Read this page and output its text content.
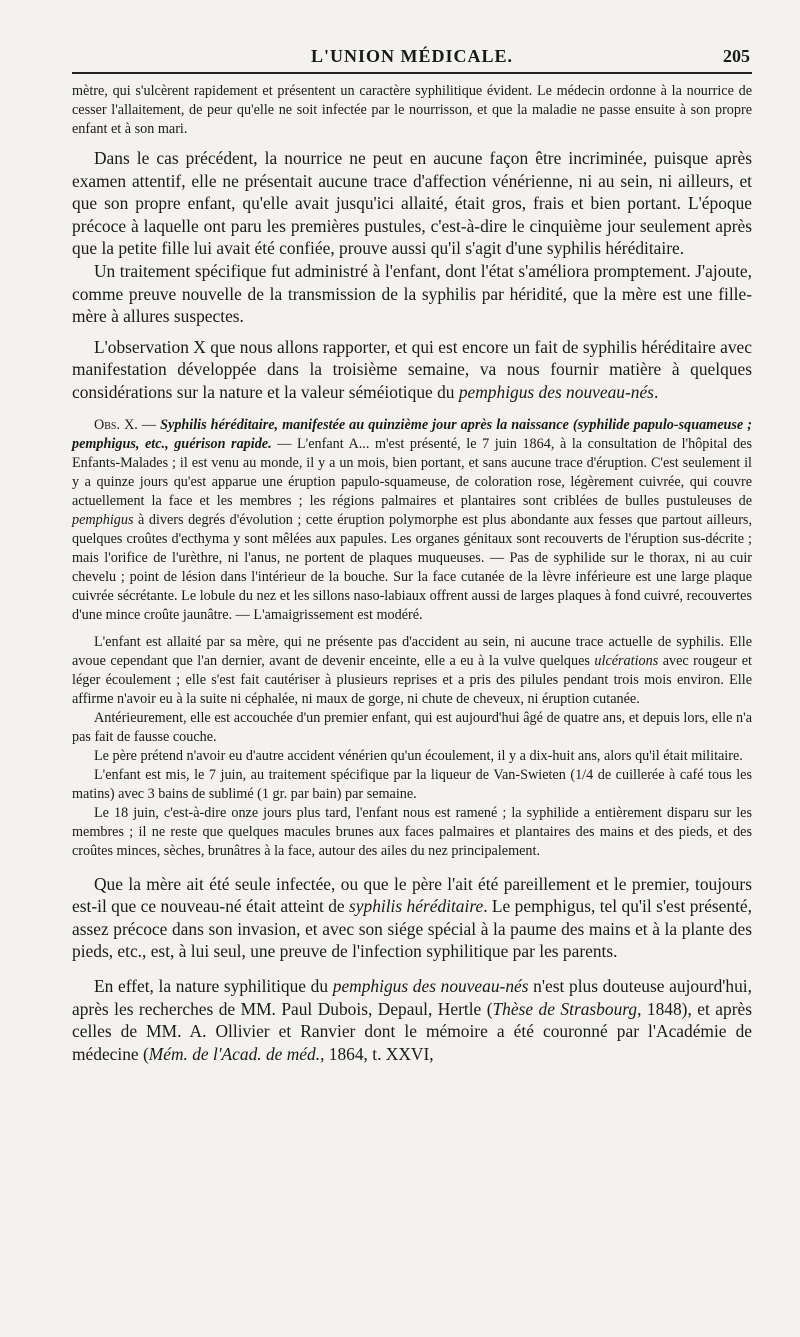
L'UNION MÉDICALE.	205

mètre, qui s'ulcèrent rapidement et présentent un caractère syphilitique évident. Le médecin ordonne à la nourrice de cesser l'allaitement, de peur qu'elle ne soit infectée par le nourrisson, et que la maladie ne passe ensuite à son propre enfant et à son mari.

Dans le cas précédent, la nourrice ne peut en aucune façon être incriminée, puisque après examen attentif, elle ne présentait aucune trace d'affection vénérienne, ni au sein, ni ailleurs, et que son propre enfant, qu'elle avait jusqu'ici allaité, était gros, frais et bien portant. L'époque précoce à laquelle ont paru les premières pustules, c'est-à-dire le cinquième jour seulement après que la petite fille lui avait été confiée, prouve aussi qu'il s'agit d'une syphilis héréditaire.

Un traitement spécifique fut administré à l'enfant, dont l'état s'améliora promptement. J'ajoute, comme preuve nouvelle de la transmission de la syphilis par héridité, que la mère est une fille-mère à allures suspectes.

L'observation X que nous allons rapporter, et qui est encore un fait de syphilis héréditaire avec manifestation développée dans la troisième semaine, va nous fournir matière à quelques considérations sur la nature et la valeur séméiotique du pemphigus des nouveau-nés.

Obs. X. — Syphilis héréditaire, manifestée au quinzième jour après la naissance (syphilide papulo-squameuse ; pemphigus, etc., guérison rapide. — L'enfant A... m'est présenté, le 7 juin 1864, à la consultation de l'hôpital des Enfants-Malades ; il est venu au monde, il y a un mois, bien portant, et sans aucune trace d'éruption. C'est seulement il y a quinze jours qu'est apparue une éruption papulo-squameuse, de coloration rose, légèrement cuivrée, qui couvre actuellement la face et les membres ; les régions palmaires et plantaires sont criblées de bulles pustuleuses de pemphigus à divers degrés d'évolution ; cette éruption polymorphe est plus abondante aux fesses que partout ailleurs, quelques croûtes d'ecthyma y sont mêlées aux papules. Les organes génitaux sont recouverts de l'éruption sus-décrite ; mais l'orifice de l'urèthre, ni l'anus, ne portent de plaques muqueuses. — Pas de syphilide sur le thorax, ni au cuir chevelu ; point de lésion dans l'intérieur de la bouche. Sur la face cutanée de la lèvre inférieure est une large plaque cuivrée sécrétante. Le lobule du nez et les sillons naso-labiaux offrent aussi de larges plaques à fond cuivré, recouvertes d'une mince croûte jaunâtre. — L'amaigrissement est modéré.

L'enfant est allaité par sa mère, qui ne présente pas d'accident au sein, ni aucune trace actuelle de syphilis. Elle avoue cependant que l'an dernier, avant de devenir enceinte, elle a eu à la vulve quelques ulcérations avec rougeur et léger écoulement ; elle s'est fait cautériser à plusieurs reprises et a pris des pilules pendant trois mois environ. Elle affirme n'avoir eu à la suite ni céphalée, ni maux de gorge, ni chute de cheveux, ni éruption cutanée.

Antérieurement, elle est accouchée d'un premier enfant, qui est aujourd'hui âgé de quatre ans, et depuis lors, elle n'a pas fait de fausse couche.

Le père prétend n'avoir eu d'autre accident vénérien qu'un écoulement, il y a dix-huit ans, alors qu'il était militaire.

L'enfant est mis, le 7 juin, au traitement spécifique par la liqueur de Van-Swieten (1/4 de cuillerée à café tous les matins) avec 3 bains de sublimé (1 gr. par bain) par semaine.

Le 18 juin, c'est-à-dire onze jours plus tard, l'enfant nous est ramené ; la syphilide a entièrement disparu sur les membres ; il ne reste que quelques macules brunes aux faces palmaires et plantaires des mains et des pieds, et des croûtes minces, sèches, brunâtres à la face, autour des ailes du nez principalement.

Que la mère ait été seule infectée, ou que le père l'ait été pareillement et le premier, toujours est-il que ce nouveau-né était atteint de syphilis héréditaire. Le pemphigus, tel qu'il s'est présenté, assez précoce dans son invasion, et avec son siége spécial à la paume des mains et à la plante des pieds, etc., est, à lui seul, une preuve de l'infection syphilitique par les parents.

En effet, la nature syphilitique du pemphigus des nouveau-nés n'est plus douteuse aujourd'hui, après les recherches de MM. Paul Dubois, Depaul, Hertle (Thèse de Strasbourg, 1848), et après celles de MM. A. Ollivier et Ranvier dont le mémoire a été couronné par l'Académie de médecine (Mém. de l'Acad. de méd., 1864, t. XXVI,
